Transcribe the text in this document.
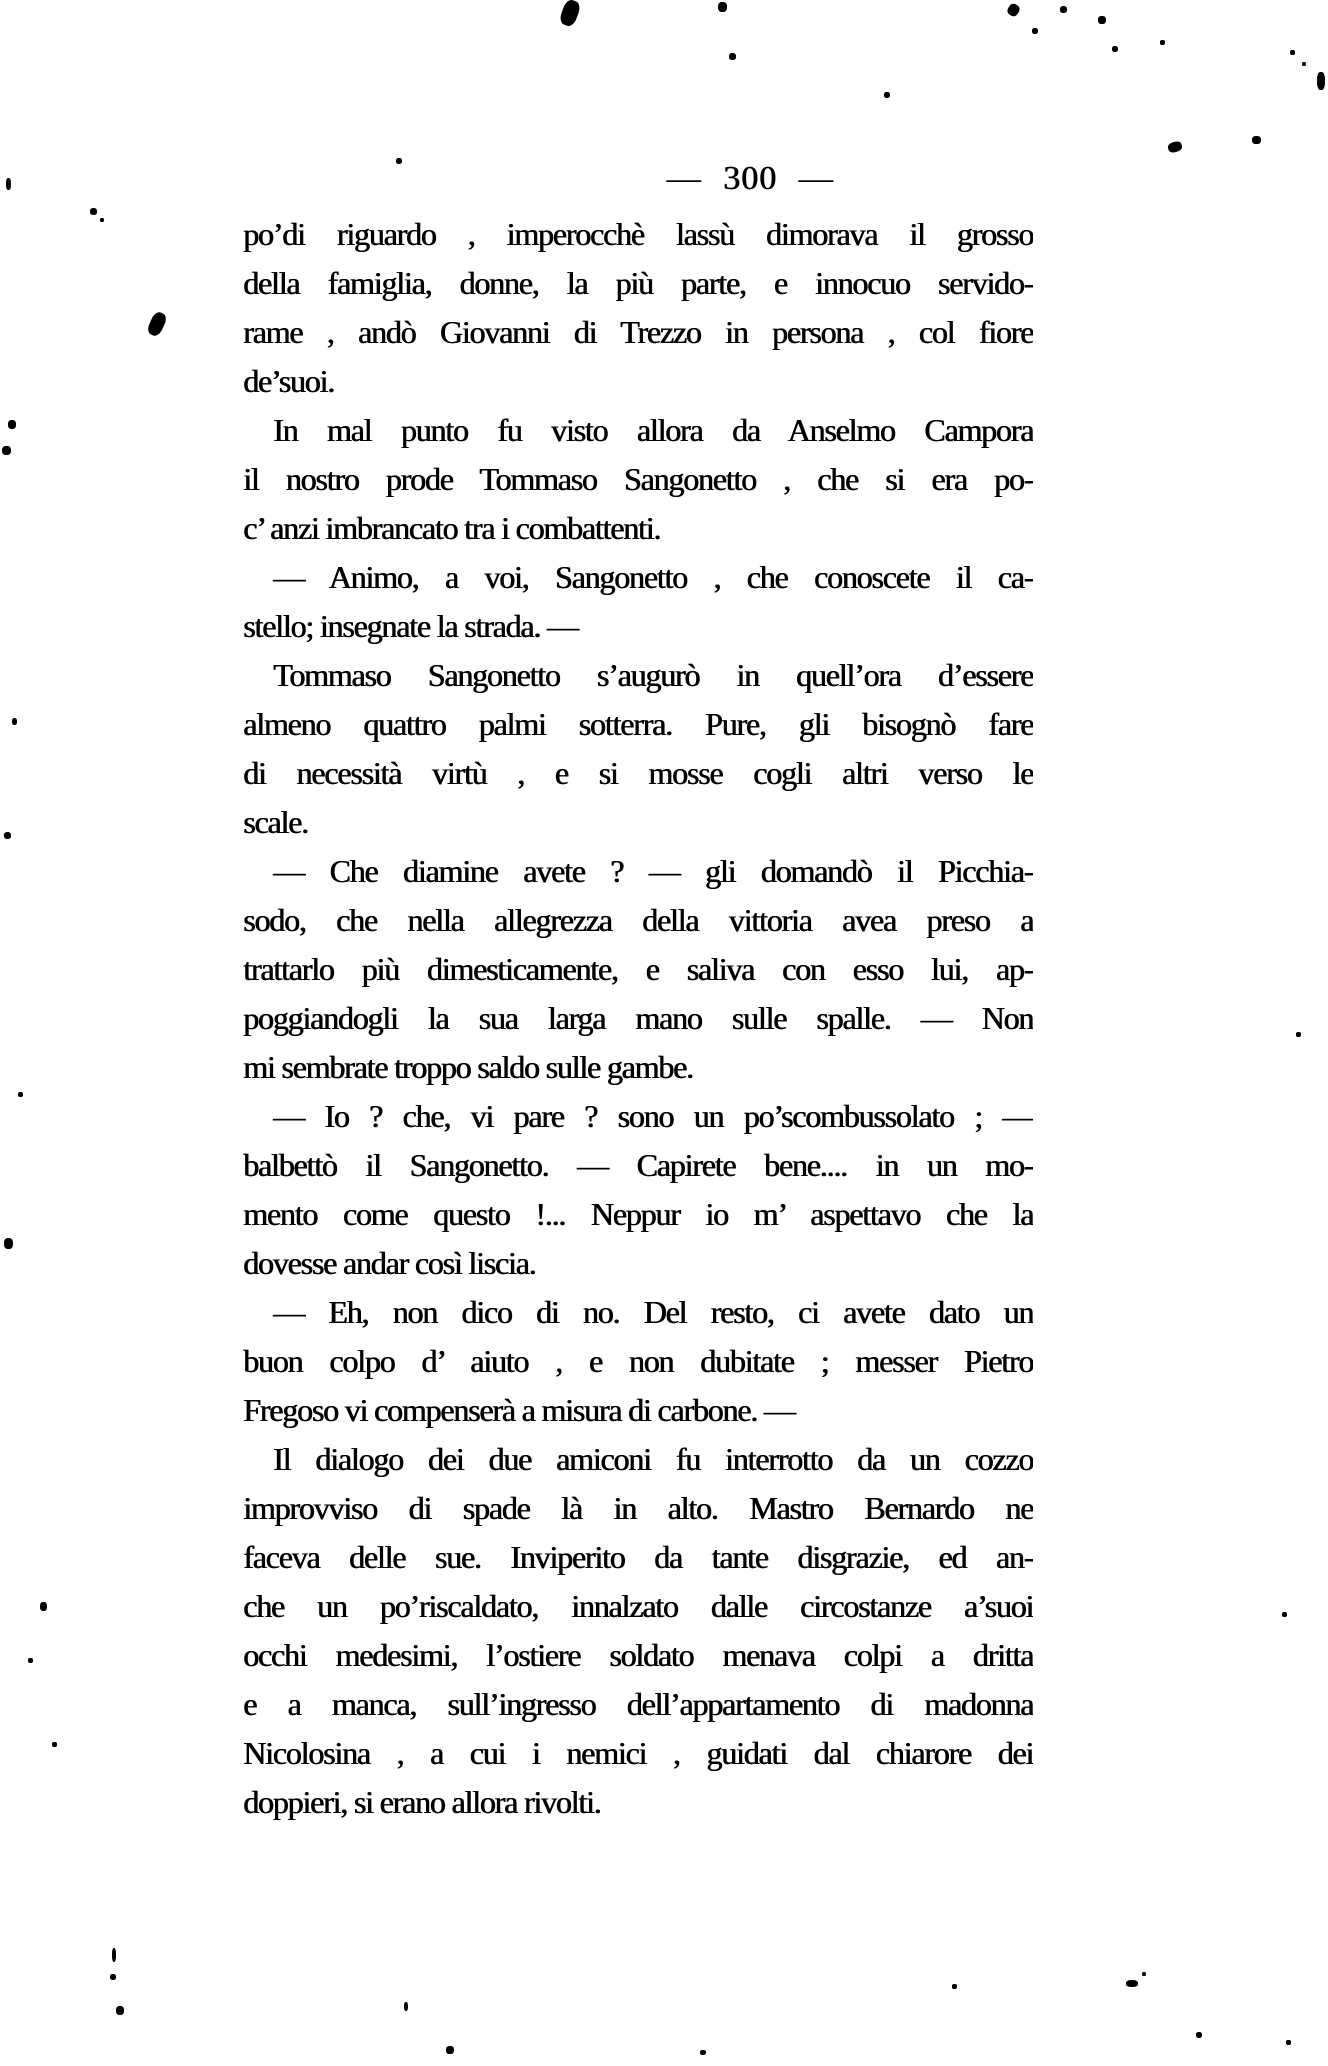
— 300 —
po’di riguardo , imperocchè lassù dimorava il grosso
della famiglia, donne, la più parte, e innocuo servido-
rame , andò Giovanni di Trezzo in persona , col fiore
de’suoi.
In mal punto fu visto allora da Anselmo Campora
il nostro prode Tommaso Sangonetto , che si era po-
c’ anzi imbrancato tra i combattenti.
— Animo, a voi, Sangonetto , che conoscete il ca-
stello; insegnate la strada. —
Tommaso Sangonetto s’augurò in quell’ora d’essere
almeno quattro palmi sotterra. Pure, gli bisognò fare
di necessità virtù , e si mosse cogli altri verso le
scale.
— Che diamine avete ? — gli domandò il Picchia-
sodo, che nella allegrezza della vittoria avea preso a
trattarlo più dimesticamente, e saliva con esso lui, ap-
poggiandogli la sua larga mano sulle spalle. — Non
mi sembrate troppo saldo sulle gambe.
— Io ? che, vi pare ? sono un po’scombussolato ; —
balbettò il Sangonetto. — Capirete bene.... in un mo-
mento come questo !... Neppur io m’ aspettavo che la
dovesse andar così liscia.
— Eh, non dico di no. Del resto, ci avete dato un
buon colpo d’ aiuto , e non dubitate ; messer Pietro
Fregoso vi compenserà a misura di carbone. —
Il dialogo dei due amiconi fu interrotto da un cozzo
improvviso di spade là in alto. Mastro Bernardo ne
faceva delle sue. Inviperito da tante disgrazie, ed an-
che un po’riscaldato, innalzato dalle circostanze a’suoi
occhi medesimi, l’ostiere soldato menava colpi a dritta
e a manca, sull’ingresso dell’appartamento di madonna
Nicolosina , a cui i nemici , guidati dal chiarore dei
doppieri, si erano allora rivolti.
